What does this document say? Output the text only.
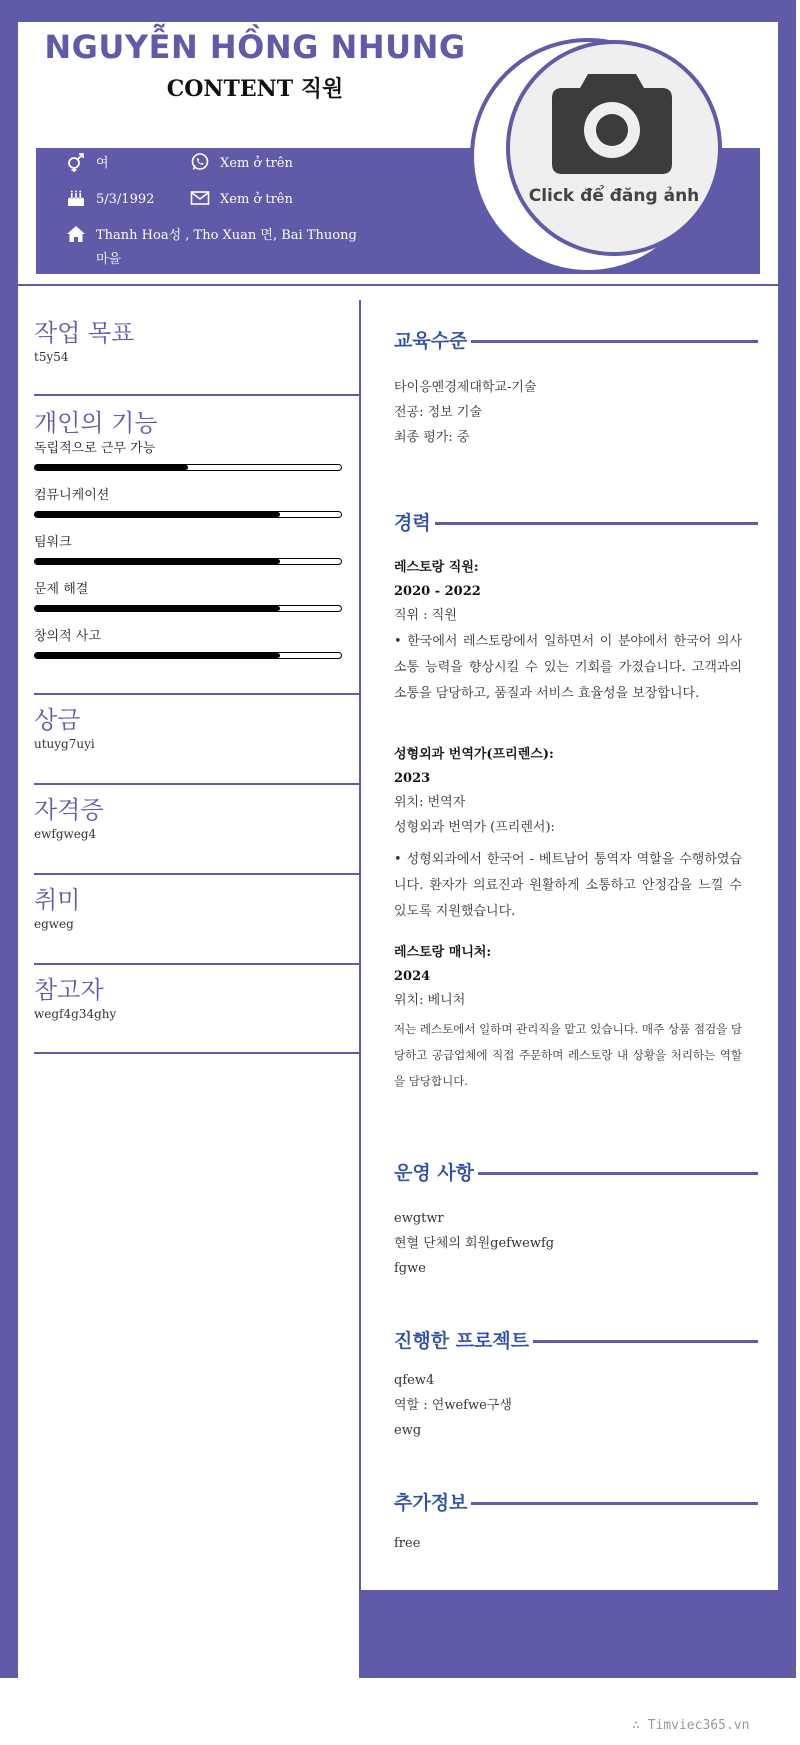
NGUYỄN HỒNG NHUNG
CONTENT 직원
여	Xem ở trên
5/3/1992	Xem ở trên
Thanh Hoa성 , Tho Xuan 면, Bai Thuong
마을
Click để đăng ảnh
작업 목표
t5y54
개인의 기능
독립적으로 근무 가능
컴뮤니케이션
팀워크
문제 해결
창의적 사고
상금
utuyg7uyi
자격증
ewfgweg4
취미
egweg
참고자
wegf4g34ghy
교육수준
타이응옌경제대학교-기술
전공: 정보 기술
최종 평가: 중
경력
레스토랑 직원:
2020 - 2022
직위 : 직원
• 한국에서 레스토랑에서 일하면서 이 분야에서 한국어 의사소통 능력을 향상시킬 수 있는 기회를 가졌습니다. 고객과의 소통을 담당하고, 품질과 서비스 효율성을 보장합니다.
성형외과 번역가(프리렌스):
2023
위치: 번역자
성형외과 번역가 (프리렌서):
• 성형외과에서 한국어 - 베트남어 통역자 역할을 수행하였습니다. 환자가 의료진과 원활하게 소통하고 안정감을 느낄 수 있도록 지원했습니다.
레스토랑 매니처:
2024
위치: 베니처
저는 레스토에서 일하며 관리직을 맡고 있습니다. 매주 상품 점검을 담당하고 공급업체에 직접 주문하며 레스토랑 내 상황을 처리하는 역할을 담당합니다.
운영 사항
ewgtwr
현혈 단체의 회원gefwewfg
fgwe
진행한 프로젝트
qfew4
역할 : 연wefwe구생
ewg
추가정보
free
∴ Timviec365.vn
